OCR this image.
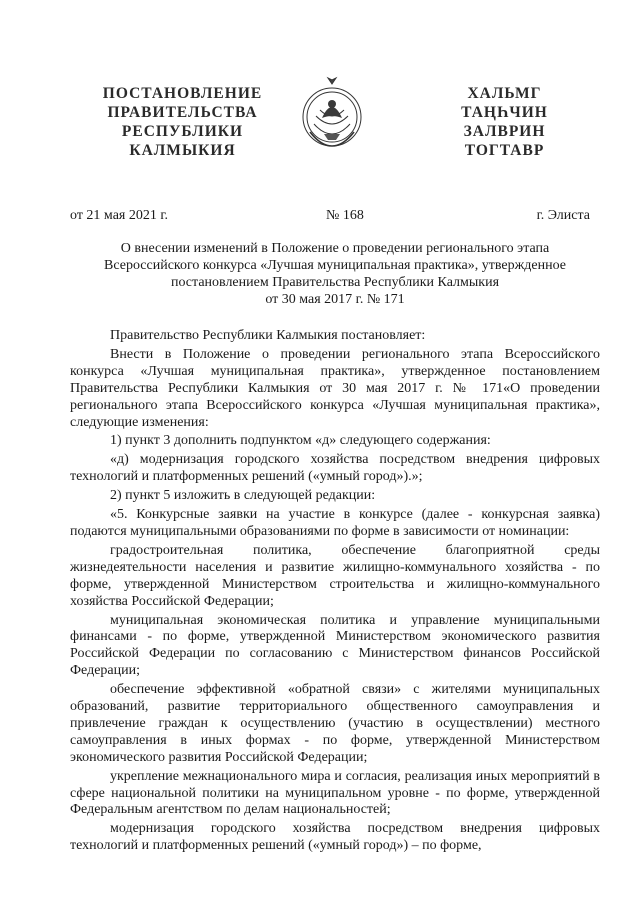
ПОСТАНОВЛЕНИЕ
ПРАВИТЕЛЬСТВА
РЕСПУБЛИКИ
КАЛМЫКИЯ
ХАЛЬМГ
ТАҢҺЧИН
ЗАЛВРИН
ТОГТАВР
от 21 мая 2021 г.	№ 168	г. Элиста
О внесении изменений в Положение о проведении регионального этапа
Всероссийского конкурса «Лучшая муниципальная практика», утвержденное
постановлением Правительства Республики Калмыкия
от 30 мая 2017 г. № 171

Правительство Республики Калмыкия постановляет:

Внести в Положение о проведении регионального этапа Всероссийского конкурса «Лучшая муниципальная практика», утвержденное постановлением Правительства Республики Калмыкия от 30 мая 2017 г. № 171«О проведении регионального этапа Всероссийского конкурса «Лучшая муниципальная практика», следующие изменения:

1) пункт 3 дополнить подпунктом «д» следующего содержания:

«д) модернизация городского хозяйства посредством внедрения цифровых технологий и платформенных решений («умный город»).»;

2) пункт 5 изложить в следующей редакции:

«5. Конкурсные заявки на участие в конкурсе (далее - конкурсная заявка) подаются муниципальными образованиями по форме в зависимости от номинации:

градостроительная политика, обеспечение благоприятной среды жизнедеятельности населения и развитие жилищно-коммунального хозяйства - по форме, утвержденной Министерством строительства и жилищно-коммунального хозяйства Российской Федерации;

муниципальная экономическая политика и управление муниципальными финансами - по форме, утвержденной Министерством экономического развития Российской Федерации по согласованию с Министерством финансов Российской Федерации;

обеспечение эффективной «обратной связи» с жителями муниципальных образований, развитие территориального общественного самоуправления и привлечение граждан к осуществлению (участию в осуществлении) местного самоуправления в иных формах - по форме, утвержденной Министерством экономического развития Российской Федерации;

укрепление межнационального мира и согласия, реализация иных мероприятий в сфере национальной политики на муниципальном уровне - по форме, утвержденной Федеральным агентством по делам национальностей;

модернизация городского хозяйства посредством внедрения цифровых технологий и платформенных решений («умный город») – по форме,
